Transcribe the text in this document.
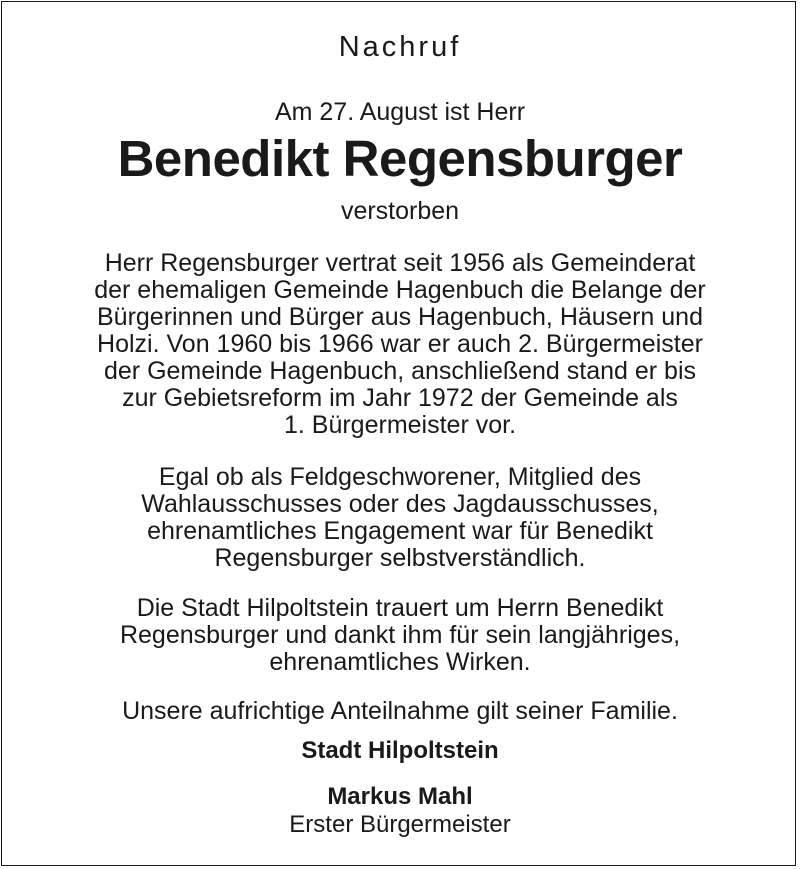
Nachruf
Am 27. August ist Herr
Benedikt Regensburger
verstorben

Herr Regensburger vertrat seit 1956 als Gemeinderat
der ehemaligen Gemeinde Hagenbuch die Belange der
Bürgerinnen und Bürger aus Hagenbuch, Häusern und
Holzi. Von 1960 bis 1966 war er auch 2. Bürgermeister
der Gemeinde Hagenbuch, anschließend stand er bis
zur Gebietsreform im Jahr 1972 der Gemeinde als
1. Bürgermeister vor.

Egal ob als Feldgeschworener, Mitglied des
Wahlausschusses oder des Jagdausschusses,
ehrenamtliches Engagement war für Benedikt
Regensburger selbstverständlich.

Die Stadt Hilpoltstein trauert um Herrn Benedikt
Regensburger und dankt ihm für sein langjähriges,
ehrenamtliches Wirken.

Unsere aufrichtige Anteilnahme gilt seiner Familie.

Stadt Hilpoltstein
Markus Mahl
Erster Bürgermeister
